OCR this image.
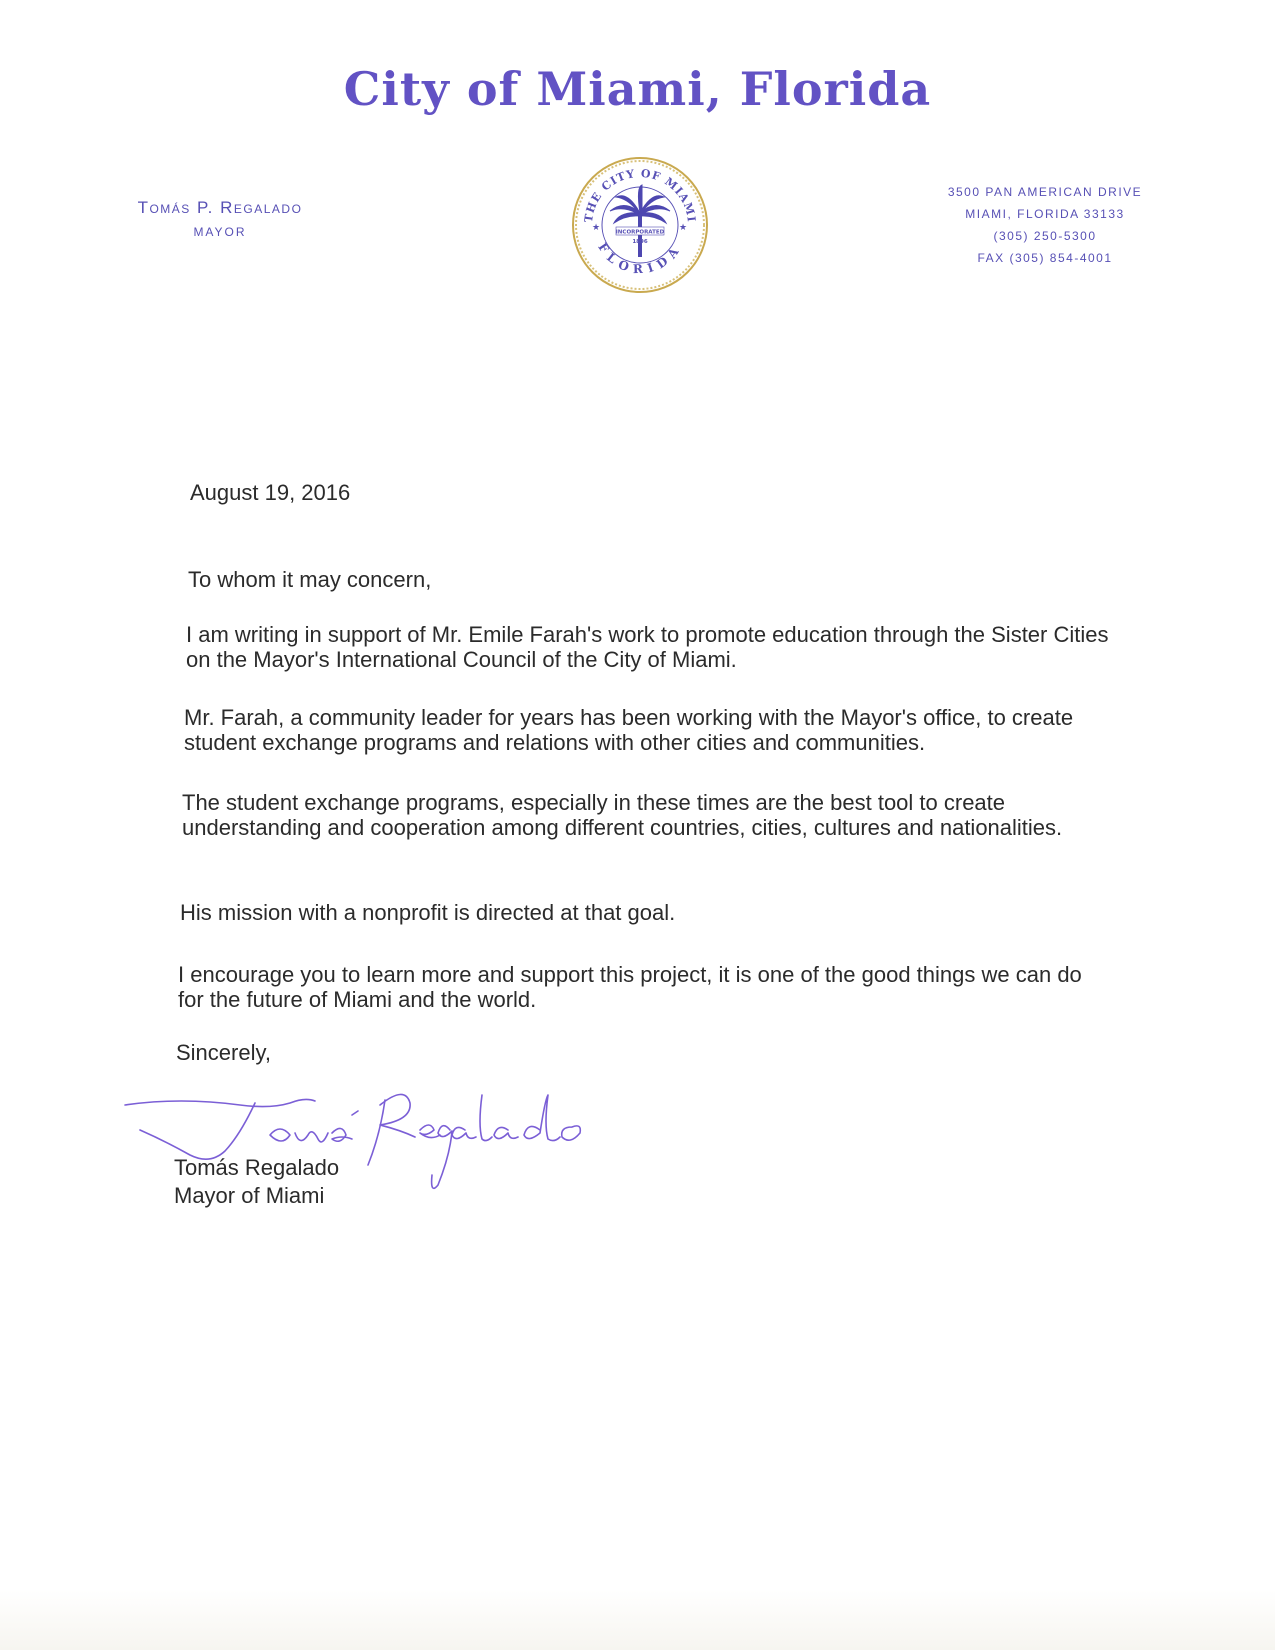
City of Miami, Florida
Tomás P. Regalado
MAYOR
THE CITY OF MIAMI
FLORIDA
★	★
INCORPORATED
1896
3500 PAN AMERICAN DRIVE
MIAMI, FLORIDA 33133
(305) 250-5300
FAX (305) 854-4001
August 19, 2016
To whom it may concern,
I am writing in support of Mr. Emile Farah's work to promote education through the Sister Cities on the Mayor's International Council of the City of Miami.
Mr. Farah, a community leader for years has been working with the Mayor's office, to create student exchange programs and relations with other cities and communities.
The student exchange programs, especially in these times are the best tool to create understanding and cooperation among different countries, cities, cultures and nationalities.
His mission with a nonprofit is directed at that goal.
I encourage you to learn more and support this project, it is one of the good things we can do for the future of Miami and the world.
Sincerely,
Tomás Regalado
Tomás Regalado
Mayor of Miami
